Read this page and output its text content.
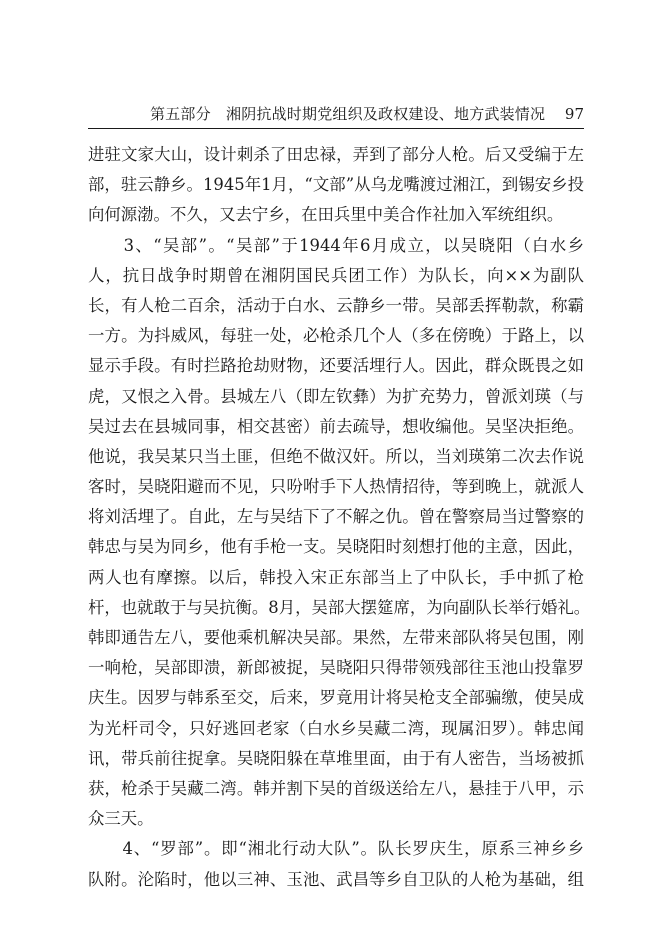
第五部分　湘阴抗战时期党组织及政权建设、地方武装情况 97
进驻文家大山，设计刺杀了田忠禄，弄到了部分人枪。后又受编于左
部，驻云静乡。1945年1月，“文部”从乌龙嘴渡过湘江，到锡安乡投
向何源渤。不久，又去宁乡，在田兵里中美合作社加入军统组织。
　　3、“吴部”。“吴部”于1944年6月成立，以吴晓阳（白水乡
人，抗日战争时期曾在湘阴国民兵团工作）为队长，向××为副队
长，有人枪二百余，活动于白水、云静乡一带。吴部丢挥勒款，称霸
一方。为抖威风，每驻一处，必枪杀几个人（多在傍晚）于路上，以
显示手段。有时拦路抢劫财物，还要活埋行人。因此，群众既畏之如
虎，又恨之入骨。县城左八（即左钦彝）为扩充势力，曾派刘瑛（与
吴过去在县城同事，相交甚密）前去疏导，想收编他。吴坚决拒绝。
他说，我吴某只当土匪，但绝不做汉奸。所以，当刘瑛第二次去作说
客时，吴晓阳避而不见，只吩咐手下人热情招待，等到晚上，就派人
将刘活埋了。自此，左与吴结下了不解之仇。曾在警察局当过警察的
韩忠与吴为同乡，他有手枪一支。吴晓阳时刻想打他的主意，因此，
两人也有摩擦。以后，韩投入宋正东部当上了中队长，手中抓了枪
杆，也就敢于与吴抗衡。8月，吴部大摆筵席，为向副队长举行婚礼。
韩即通告左八，要他乘机解决吴部。果然，左带来部队将吴包围，刚
一响枪，吴部即溃，新郎被捉，吴晓阳只得带领残部往玉池山投靠罗
庆生。因罗与韩系至交，后来，罗竟用计将吴枪支全部骗缴，使吴成
为光杆司令，只好逃回老家（白水乡吴藏二湾，现属汨罗）。韩忠闻
讯，带兵前往捉拿。吴晓阳躲在草堆里面，由于有人密告，当场被抓
获，枪杀于吴藏二湾。韩并割下吴的首级送给左八，悬挂于八甲，示
众三天。
　　4、“罗部”。即“湘北行动大队”。队长罗庆生，原系三神乡乡
队附。沦陷时，他以三神、玉池、武昌等乡自卫队的人枪为基础，组
